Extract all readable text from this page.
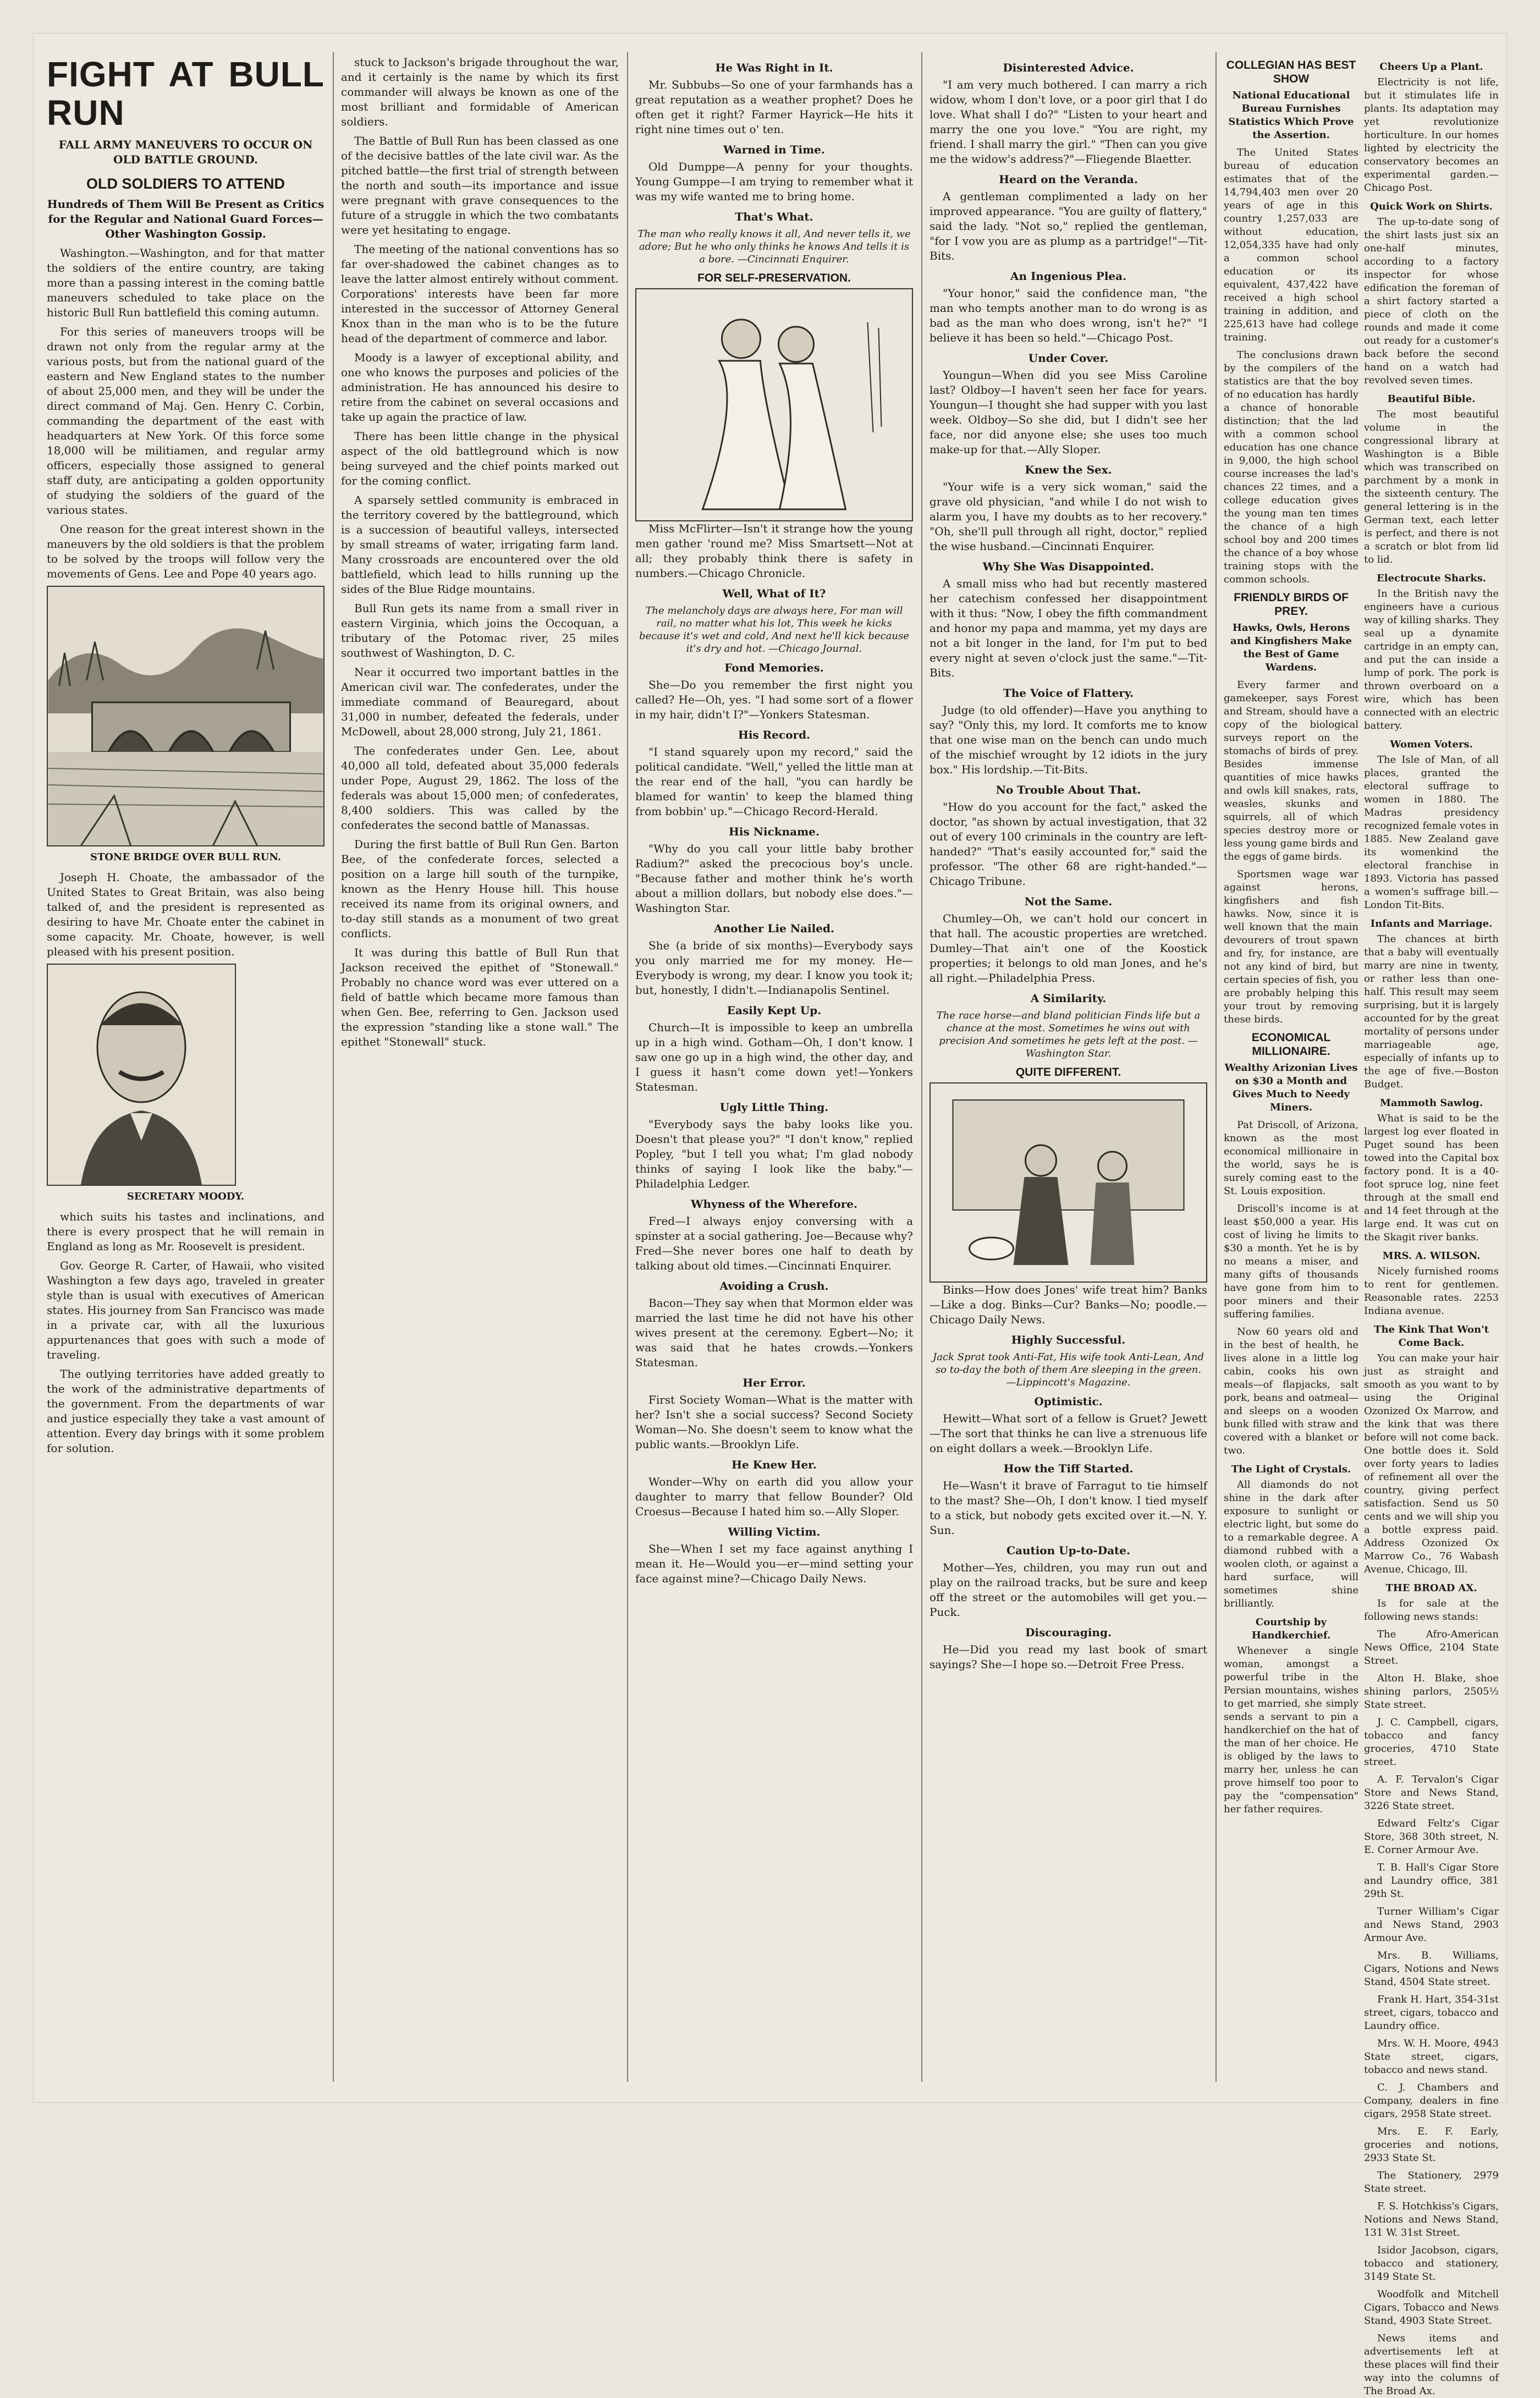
FIGHT AT BULL RUN
FALL ARMY MANEUVERS TO OCCUR ON OLD BATTLE GROUND.
OLD SOLDIERS TO ATTEND
Hundreds of Them Will Be Present as Critics for the Regular and National Guard Forces—Other Washington Gossip.

Washington.—Washington, and for that matter the soldiers of the entire country, are taking more than a passing interest in the coming battle maneuvers scheduled to take place on the historic Bull Run battlefield this coming autumn.

For this series of maneuvers troops will be drawn not only from the regular army at the various posts, but from the national guard of the eastern and New England states to the number of about 25,000 men, and they will be under the direct command of Maj. Gen. Henry C. Corbin, commanding the department of the east with headquarters at New York. Of this force some 18,000 will be militiamen, and regular army officers, especially those assigned to general staff duty, are anticipating a golden opportunity of studying the soldiers of the guard of the various states.

One reason for the great interest shown in the maneuvers by the old soldiers is that the problem to be solved by the troops will follow very the movements of Gens. Lee and Pope 40 years ago.

STONE BRIDGE OVER BULL RUN.

Joseph H. Choate, the ambassador of the United States to Great Britain, was also being talked of, and the president is represented as desiring to have Mr. Choate enter the cabinet in some capacity. Mr. Choate, however, is well pleased with his present position.

SECRETARY MOODY.

which suits his tastes and inclinations, and there is every prospect that he will remain in England as long as Mr. Roosevelt is president.

Gov. George R. Carter, of Hawaii, who visited Washington a few days ago, traveled in greater style than is usual with executives of American states. His journey from San Francisco was made in a private car, with all the luxurious appurtenances that goes with such a mode of traveling.

The outlying territories have added greatly to the work of the administrative departments of the government. From the departments of war and justice especially they take a vast amount of attention. Every day brings with it some problem for solution.

stuck to Jackson's brigade throughout the war, and it certainly is the name by which its first commander will always be known as one of the most brilliant and formidable of American soldiers.

The Battle of Bull Run has been classed as one of the decisive battles of the late civil war. As the pitched battle—the first trial of strength between the north and south—its importance and issue were pregnant with grave consequences to the future of a struggle in which the two combatants were yet hesitating to engage.

The meeting of the national conventions has so far over-shadowed the cabinet changes as to leave the latter almost entirely without comment. Corporations' interests have been far more interested in the successor of Attorney General Knox than in the man who is to be the future head of the department of commerce and labor.

Moody is a lawyer of exceptional ability, and one who knows the purposes and policies of the administration. He has announced his desire to retire from the cabinet on several occasions and take up again the practice of law.

There has been little change in the physical aspect of the old battleground which is now being surveyed and the chief points marked out for the coming conflict.

A sparsely settled community is embraced in the territory covered by the battleground, which is a succession of beautiful valleys, intersected by small streams of water, irrigating farm land. Many crossroads are encountered over the old battlefield, which lead to hills running up the sides of the Blue Ridge mountains.

Bull Run gets its name from a small river in eastern Virginia, which joins the Occoquan, a tributary of the Potomac river, 25 miles southwest of Washington, D. C.

Near it occurred two important battles in the American civil war. The confederates, under the immediate command of Beauregard, about 31,000 in number, defeated the federals, under McDowell, about 28,000 strong, July 21, 1861.

The confederates under Gen. Lee, about 40,000 all told, defeated about 35,000 federals under Pope, August 29, 1862. The loss of the federals was about 15,000 men; of confederates, 8,400 soldiers. This was called by the confederates the second battle of Manassas.

During the first battle of Bull Run Gen. Barton Bee, of the confederate forces, selected a position on a large hill south of the turnpike, known as the Henry House hill. This house received its name from its original owners, and to-day still stands as a monument of two great conflicts.

It was during this battle of Bull Run that Jackson received the epithet of "Stonewall." Probably no chance word was ever uttered on a field of battle which became more famous than when Gen. Bee, referring to Gen. Jackson used the expression "standing like a stone wall." The epithet "Stonewall" stuck.

He Was Right in It.

Mr. Subbubs—So one of your farmhands has a great reputation as a weather prophet? Does he often get it right? Farmer Hayrick—He hits it right nine times out o' ten.

Warned in Time.

Old Dumppe—A penny for your thoughts. Young Gumppe—I am trying to remember what it was my wife wanted me to bring home.

That's What.
The man who really knows it all, And never tells it, we adore; But he who only thinks he knows And tells it is a bore. —Cincinnati Enquirer.
FOR SELF-PRESERVATION.

Miss McFlirter—Isn't it strange how the young men gather 'round me? Miss Smartsett—Not at all; they probably think there is safety in numbers.—Chicago Chronicle.

Well, What of It?
The melancholy days are always here, For man will rail, no matter what his lot, This week he kicks because it's wet and cold, And next he'll kick because it's dry and hot. —Chicago Journal.
Fond Memories.

She—Do you remember the first night you called? He—Oh, yes. "I had some sort of a flower in my hair, didn't I?"—Yonkers Statesman.

His Record.

"I stand squarely upon my record," said the political candidate. "Well," yelled the little man at the rear end of the hall, "you can hardly be blamed for wantin' to keep the blamed thing from bobbin' up."—Chicago Record-Herald.

His Nickname.

"Why do you call your little baby brother Radium?" asked the precocious boy's uncle. "Because father and mother think he's worth about a million dollars, but nobody else does."—Washington Star.

Another Lie Nailed.

She (a bride of six months)—Everybody says you only married me for my money. He—Everybody is wrong, my dear. I know you took it; but, honestly, I didn't.—Indianapolis Sentinel.

Easily Kept Up.

Church—It is impossible to keep an umbrella up in a high wind. Gotham—Oh, I don't know. I saw one go up in a high wind, the other day, and I guess it hasn't come down yet!—Yonkers Statesman.

Ugly Little Thing.

"Everybody says the baby looks like you. Doesn't that please you?" "I don't know," replied Popley, "but I tell you what; I'm glad nobody thinks of saying I look like the baby."—Philadelphia Ledger.

Whyness of the Wherefore.

Fred—I always enjoy conversing with a spinster at a social gathering. Joe—Because why? Fred—She never bores one half to death by talking about old times.—Cincinnati Enquirer.

Avoiding a Crush.

Bacon—They say when that Mormon elder was married the last time he did not have his other wives present at the ceremony. Egbert—No; it was said that he hates crowds.—Yonkers Statesman.

Her Error.

First Society Woman—What is the matter with her? Isn't she a social success? Second Society Woman—No. She doesn't seem to know what the public wants.—Brooklyn Life.

He Knew Her.

Wonder—Why on earth did you allow your daughter to marry that fellow Bounder? Old Croesus—Because I hated him so.—Ally Sloper.

Willing Victim.

She—When I set my face against anything I mean it. He—Would you—er—mind setting your face against mine?—Chicago Daily News.

Disinterested Advice.

"I am very much bothered. I can marry a rich widow, whom I don't love, or a poor girl that I do love. What shall I do?" "Listen to your heart and marry the one you love." "You are right, my friend. I shall marry the girl." "Then can you give me the widow's address?"—Fliegende Blaetter.

Heard on the Veranda.

A gentleman complimented a lady on her improved appearance. "You are guilty of flattery," said the lady. "Not so," replied the gentleman, "for I vow you are as plump as a partridge!"—Tit-Bits.

An Ingenious Plea.

"Your honor," said the confidence man, "the man who tempts another man to do wrong is as bad as the man who does wrong, isn't he?" "I believe it has been so held."—Chicago Post.

Under Cover.

Youngun—When did you see Miss Caroline last? Oldboy—I haven't seen her face for years. Youngun—I thought she had supper with you last week. Oldboy—So she did, but I didn't see her face, nor did anyone else; she uses too much make-up for that.—Ally Sloper.

Knew the Sex.

"Your wife is a very sick woman," said the grave old physician, "and while I do not wish to alarm you, I have my doubts as to her recovery." "Oh, she'll pull through all right, doctor," replied the wise husband.—Cincinnati Enquirer.

Why She Was Disappointed.

A small miss who had but recently mastered her catechism confessed her disappointment with it thus: "Now, I obey the fifth commandment and honor my papa and mamma, yet my days are not a bit longer in the land, for I'm put to bed every night at seven o'clock just the same."—Tit-Bits.

The Voice of Flattery.

Judge (to old offender)—Have you anything to say? "Only this, my lord. It comforts me to know that one wise man on the bench can undo much of the mischief wrought by 12 idiots in the jury box." His lordship.—Tit-Bits.

No Trouble About That.

"How do you account for the fact," asked the doctor, "as shown by actual investigation, that 32 out of every 100 criminals in the country are left-handed?" "That's easily accounted for," said the professor. "The other 68 are right-handed."—Chicago Tribune.

Not the Same.

Chumley—Oh, we can't hold our concert in that hall. The acoustic properties are wretched. Dumley—That ain't one of the Koostick properties; it belongs to old man Jones, and he's all right.—Philadelphia Press.

A Similarity.
The race horse—and bland politician Finds life but a chance at the most. Sometimes he wins out with precision And sometimes he gets left at the post. —Washington Star.
QUITE DIFFERENT.

Binks—How does Jones' wife treat him? Banks—Like a dog. Binks—Cur? Banks—No; poodle.—Chicago Daily News.

Highly Successful.
Jack Sprat took Anti-Fat, His wife took Anti-Lean, And so to-day the both of them Are sleeping in the green. —Lippincott's Magazine.
Optimistic.

Hewitt—What sort of a fellow is Gruet? Jewett—The sort that thinks he can live a strenuous life on eight dollars a week.—Brooklyn Life.

How the Tiff Started.

He—Wasn't it brave of Farragut to tie himself to the mast? She—Oh, I don't know. I tied myself to a stick, but nobody gets excited over it.—N. Y. Sun.

Caution Up-to-Date.

Mother—Yes, children, you may run out and play on the railroad tracks, but be sure and keep off the street or the automobiles will get you.—Puck.

Discouraging.

He—Did you read my last book of smart sayings? She—I hope so.—Detroit Free Press.

COLLEGIAN HAS BEST SHOW
National Educational Bureau Furnishes Statistics Which Prove the Assertion.

The United States bureau of education estimates that of the 14,794,403 men over 20 years of age in this country 1,257,033 are without education, 12,054,335 have had only a common school education or its equivalent, 437,422 have received a high school training in addition, and 225,613 have had college training.

The conclusions drawn by the compilers of the statistics are that the boy of no education has hardly a chance of honorable distinction; that the lad with a common school education has one chance in 9,000, the high school course increases the lad's chances 22 times, and a college education gives the young man ten times the chance of a high school boy and 200 times the chance of a boy whose training stops with the common schools.

FRIENDLY BIRDS OF PREY.
Hawks, Owls, Herons and Kingfishers Make the Best of Game Wardens.

Every farmer and gamekeeper, says Forest and Stream, should have a copy of the biological surveys report on the stomachs of birds of prey. Besides immense quantities of mice hawks and owls kill snakes, rats, weasles, skunks and squirrels, all of which species destroy more or less young game birds and the eggs of game birds.

Sportsmen wage war against herons, kingfishers and fish hawks. Now, since it is well known that the main devourers of trout spawn and fry, for instance, are not any kind of bird, but certain species of fish, you are probably helping this your trout by removing these birds.

ECONOMICAL MILLIONAIRE.
Wealthy Arizonian Lives on $30 a Month and Gives Much to Needy Miners.

Pat Driscoll, of Arizona, known as the most economical millionaire in the world, says he is surely coming east to the St. Louis exposition.

Driscoll's income is at least $50,000 a year. His cost of living he limits to $30 a month. Yet he is by no means a miser, and many gifts of thousands have gone from him to poor miners and their suffering families.

Now 60 years old and in the best of health, he lives alone in a little log cabin, cooks his own meals—of flapjacks, salt pork, beans and oatmeal—and sleeps on a wooden bunk filled with straw and covered with a blanket or two.

The Light of Crystals.

All diamonds do not shine in the dark after exposure to sunlight or electric light, but some do to a remarkable degree. A diamond rubbed with a woolen cloth, or against a hard surface, will sometimes shine brilliantly.

Courtship by Handkerchief.

Whenever a single woman, amongst a powerful tribe in the Persian mountains, wishes to get married, she simply sends a servant to pin a handkerchief on the hat of the man of her choice. He is obliged by the laws to marry her, unless he can prove himself too poor to pay the "compensation" her father requires.

Cheers Up a Plant.

Electricity is not life, but it stimulates life in plants. Its adaptation may yet revolutionize horticulture. In our homes lighted by electricity the conservatory becomes an experimental garden.—Chicago Post.

Quick Work on Shirts.

The up-to-date song of the shirt lasts just six an one-half minutes, according to a factory inspector for whose edification the foreman of a shirt factory started a piece of cloth on the rounds and made it come out ready for a customer's back before the second hand on a watch had revolved seven times.

Beautiful Bible.

The most beautiful volume in the congressional library at Washington is a Bible which was transcribed on parchment by a monk in the sixteenth century. The general lettering is in the German text, each letter is perfect, and there is not a scratch or blot from lid to lid.

Electrocute Sharks.

In the British navy the engineers have a curious way of killing sharks. They seal up a dynamite cartridge in an empty can, and put the can inside a lump of pork. The pork is thrown overboard on a wire, which has been connected with an electric battery.

Women Voters.

The Isle of Man, of all places, granted the electoral suffrage to women in 1880. The Madras presidency recognized female votes in 1885. New Zealand gave its womenkind the electoral franchise in 1893. Victoria has passed a women's suffrage bill.—London Tit-Bits.

Infants and Marriage.

The chances at birth that a baby will eventually marry are nine in twenty, or rather less than one-half. This result may seem surprising, but it is largely accounted for by the great mortality of persons under marriageable age, especially of infants up to the age of five.—Boston Budget.

Mammoth Sawlog.

What is said to be the largest log ever floated in Puget sound has been towed into the Capital box factory pond. It is a 40-foot spruce log, nine feet through at the small end and 14 feet through at the large end. It was cut on the Skagit river banks.

MRS. A. WILSON.

Nicely furnished rooms to rent for gentlemen. Reasonable rates. 2253 Indiana avenue.

The Kink That Won't Come Back.

You can make your hair just as straight and smooth as you want to by using the Original Ozonized Ox Marrow, and the kink that was there before will not come back. One bottle does it. Sold over forty years to ladies of refinement all over the country, giving perfect satisfaction. Send us 50 cents and we will ship you a bottle express paid. Address Ozonized Ox Marrow Co., 76 Wabash Avenue, Chicago, Ill.

THE BROAD AX.

Is for sale at the following news stands:

The Afro-American News Office, 2104 State Street.

Alton H. Blake, shoe shining parlors, 2505½ State street.

J. C. Campbell, cigars, tobacco and fancy groceries, 4710 State street.

A. F. Tervalon's Cigar Store and News Stand, 3226 State street.

Edward Feltz's Cigar Store, 368 30th street, N. E. Corner Armour Ave.

T. B. Hall's Cigar Store and Laundry office, 381 29th St.

Turner William's Cigar and News Stand, 2903 Armour Ave.

Mrs. B. Williams, Cigars, Notions and News Stand, 4504 State street.

Frank H. Hart, 354-31st street, cigars, tobacco and Laundry office.

Mrs. W. H. Moore, 4943 State street, cigars, tobacco and news stand.

C. J. Chambers and Company, dealers in fine cigars, 2958 State street.

Mrs. E. F. Early, groceries and notions, 2933 State St.

The Stationery, 2979 State street.

F. S. Hotchkiss's Cigars, Notions and News Stand, 131 W. 31st Street.

Isidor Jacobson, cigars, tobacco and stationery, 3149 State St.

Woodfolk and Mitchell Cigars, Tobacco and News Stand, 4903 State Street.

News items and advertisements left at these places will find their way into the columns of The Broad Ax.
